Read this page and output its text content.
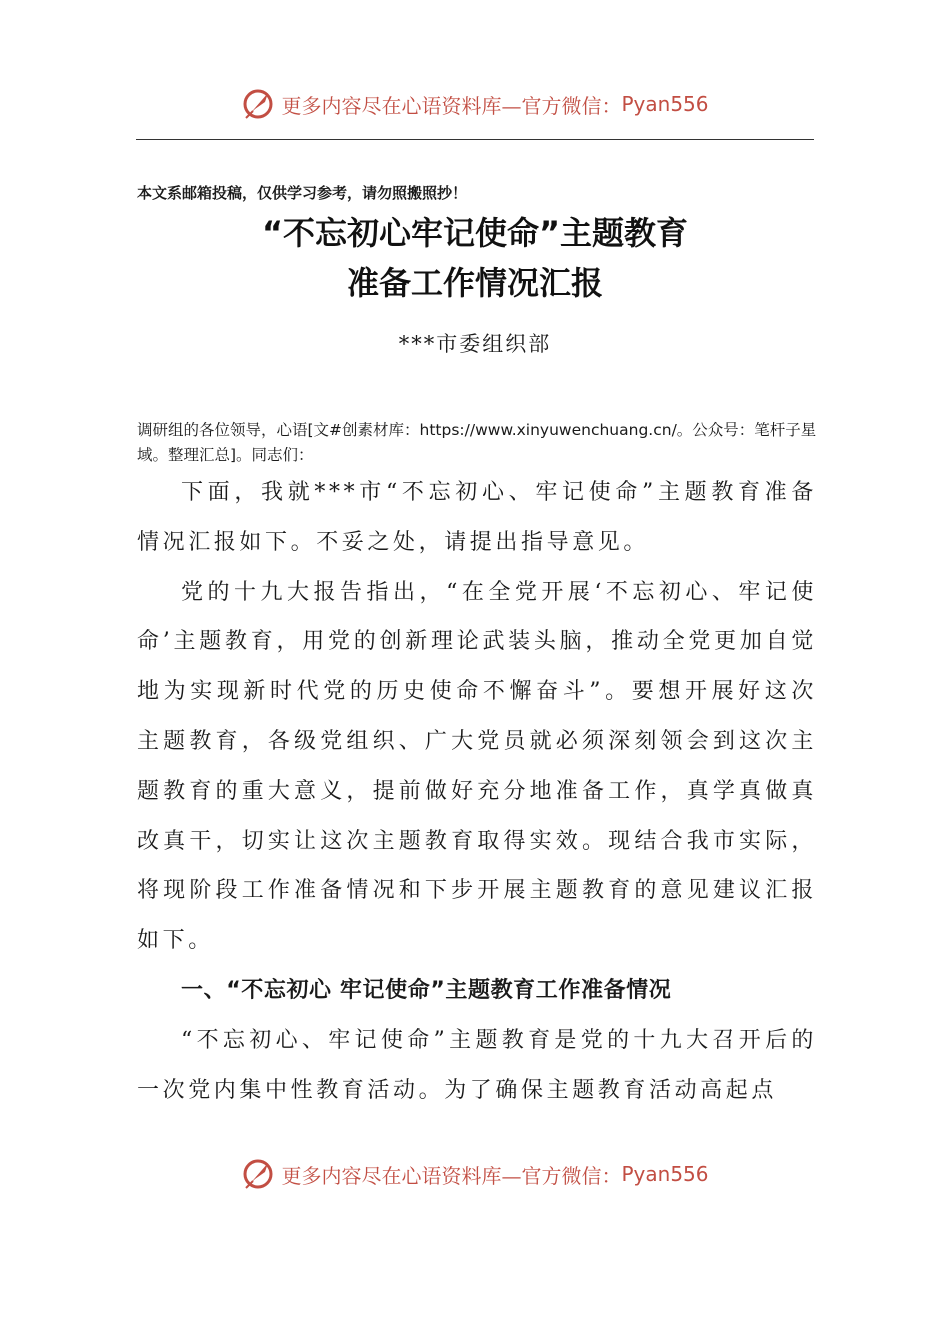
更多内容尽在心语资料库—官方微信： Pyan556
本文系邮箱投稿，仅供学习参考，请勿照搬照抄！
“不忘初心牢记使命”主题教育
准备工作情况汇报
***市委组织部
调研组的各位领导，心语[文#创素材库：https://www.xinyuwenchuang.cn/。公众号：笔杆子星域。整理汇总]。同志们：

下面，我就***市“不忘初心、牢记使命”主题教育准备情况汇报如下。不妥之处，请提出指导意见。

党的十九大报告指出，“在全党开展‘不忘初心、牢记使命’主题教育，用党的创新理论武装头脑，推动全党更加自觉地为实现新时代党的历史使命不懈奋斗”。要想开展好这次主题教育，各级党组织、广大党员就必须深刻领会到这次主题教育的重大意义，提前做好充分地准备工作，真学真做真改真干，切实让这次主题教育取得实效。现结合我市实际，将现阶段工作准备情况和下步开展主题教育的意见建议汇报如下。

一、“不忘初心 牢记使命”主题教育工作准备情况

“不忘初心、牢记使命”主题教育是党的十九大召开后的一次党内集中性教育活动。为了确保主题教育活动高起点

更多内容尽在心语资料库—官方微信： Pyan556
